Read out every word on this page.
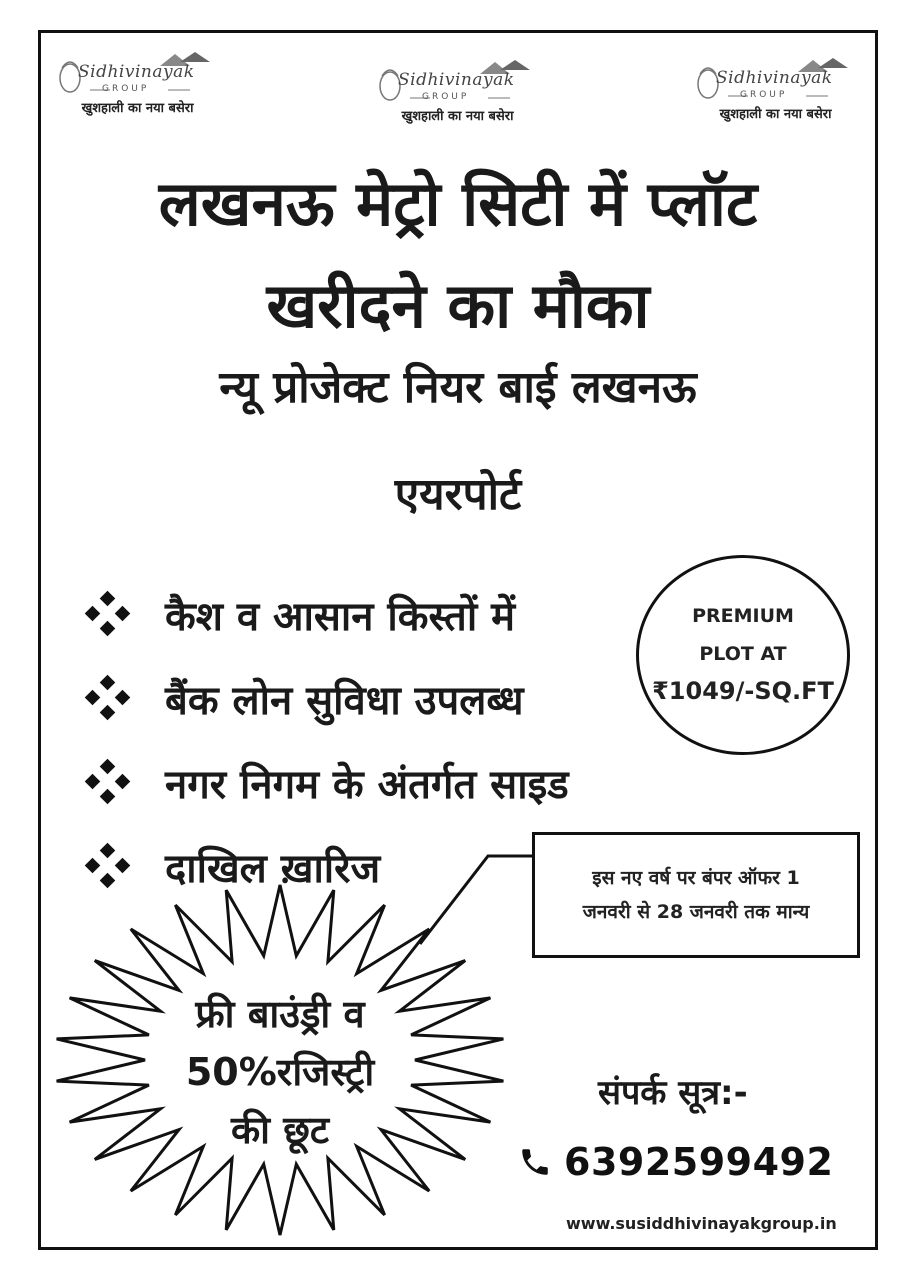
Sidhivinayak
GROUP
खुशहाली का नया बसेरा
Sidhivinayak
GROUP
खुशहाली का नया बसेरा
Sidhivinayak
GROUP
खुशहाली का नया बसेरा
लखनऊ मेट्रो सिटी में प्लॉट
खरीदने का मौका
न्यू प्रोजेक्ट नियर बाई लखनऊ
एयरपोर्ट
कैश व आसान किस्तों में
बैंक लोन सुविधा उपलब्ध
नगर निगम के अंतर्गत साइड
दाखिल ख़ारिज
PREMIUM
PLOT AT
₹1049/-SQ.FT
इस नए वर्ष पर बंपर ऑफर 1
जनवरी से 28 जनवरी तक मान्य
फ्री बाउंड्री व
50%रजिस्ट्री
की छूट
संपर्क सूत्र:-
6392599492
www.susiddhivinayakgroup.in
